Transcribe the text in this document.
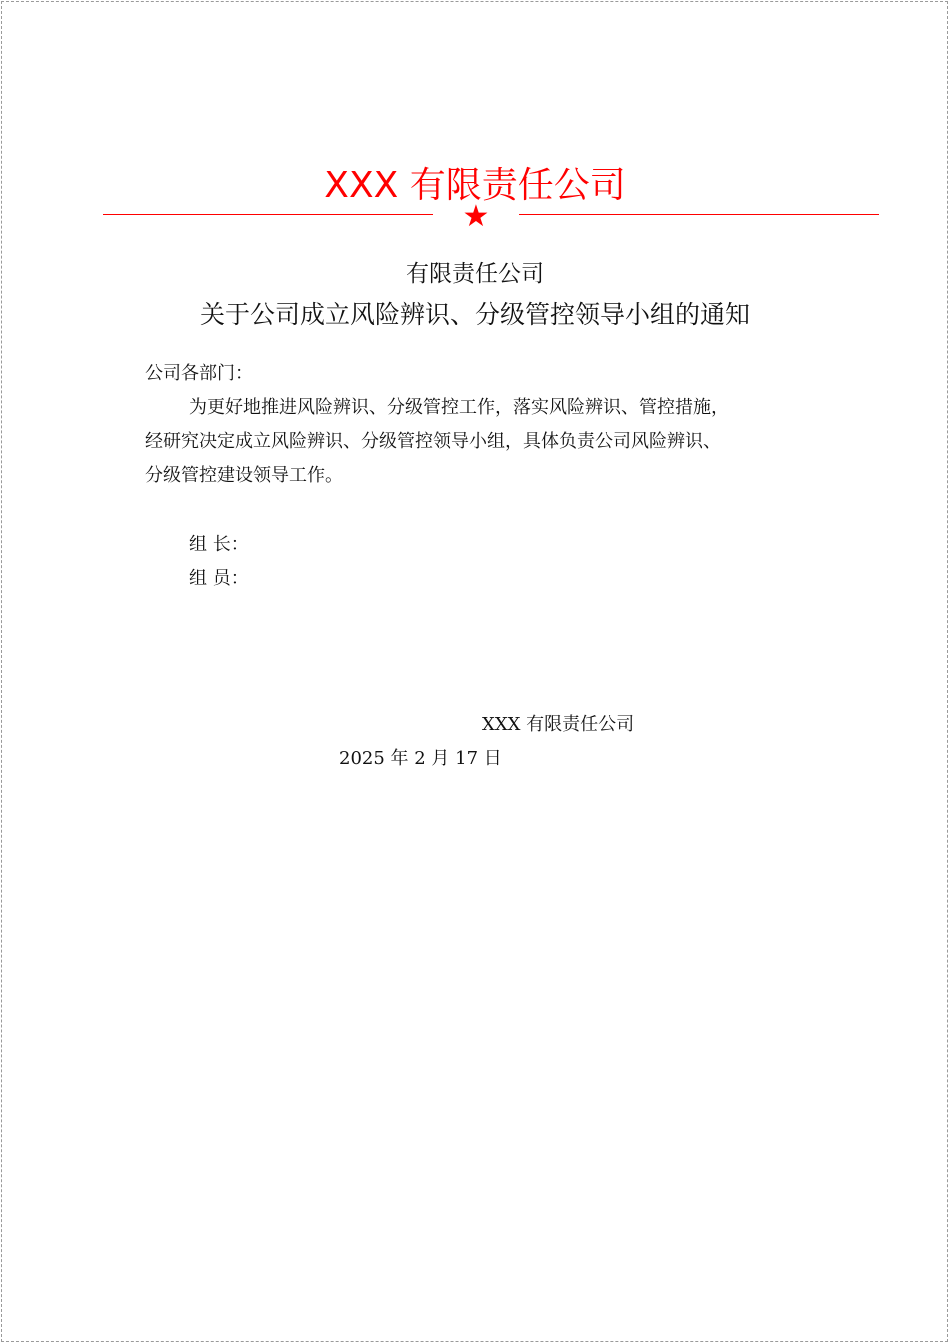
XXX 有限责任公司
★
有限责任公司
关于公司成立风险辨识、分级管控领导小组的通知
公司各部门：
为更好地推进风险辨识、分级管控工作，落实风险辨识、管控措施，
经研究决定成立风险辨识、分级管控领导小组，具体负责公司风险辨识、
分级管控建设领导工作。
组 长：
组 员：
XXX 有限责任公司
2025 年 2 月 17 日
